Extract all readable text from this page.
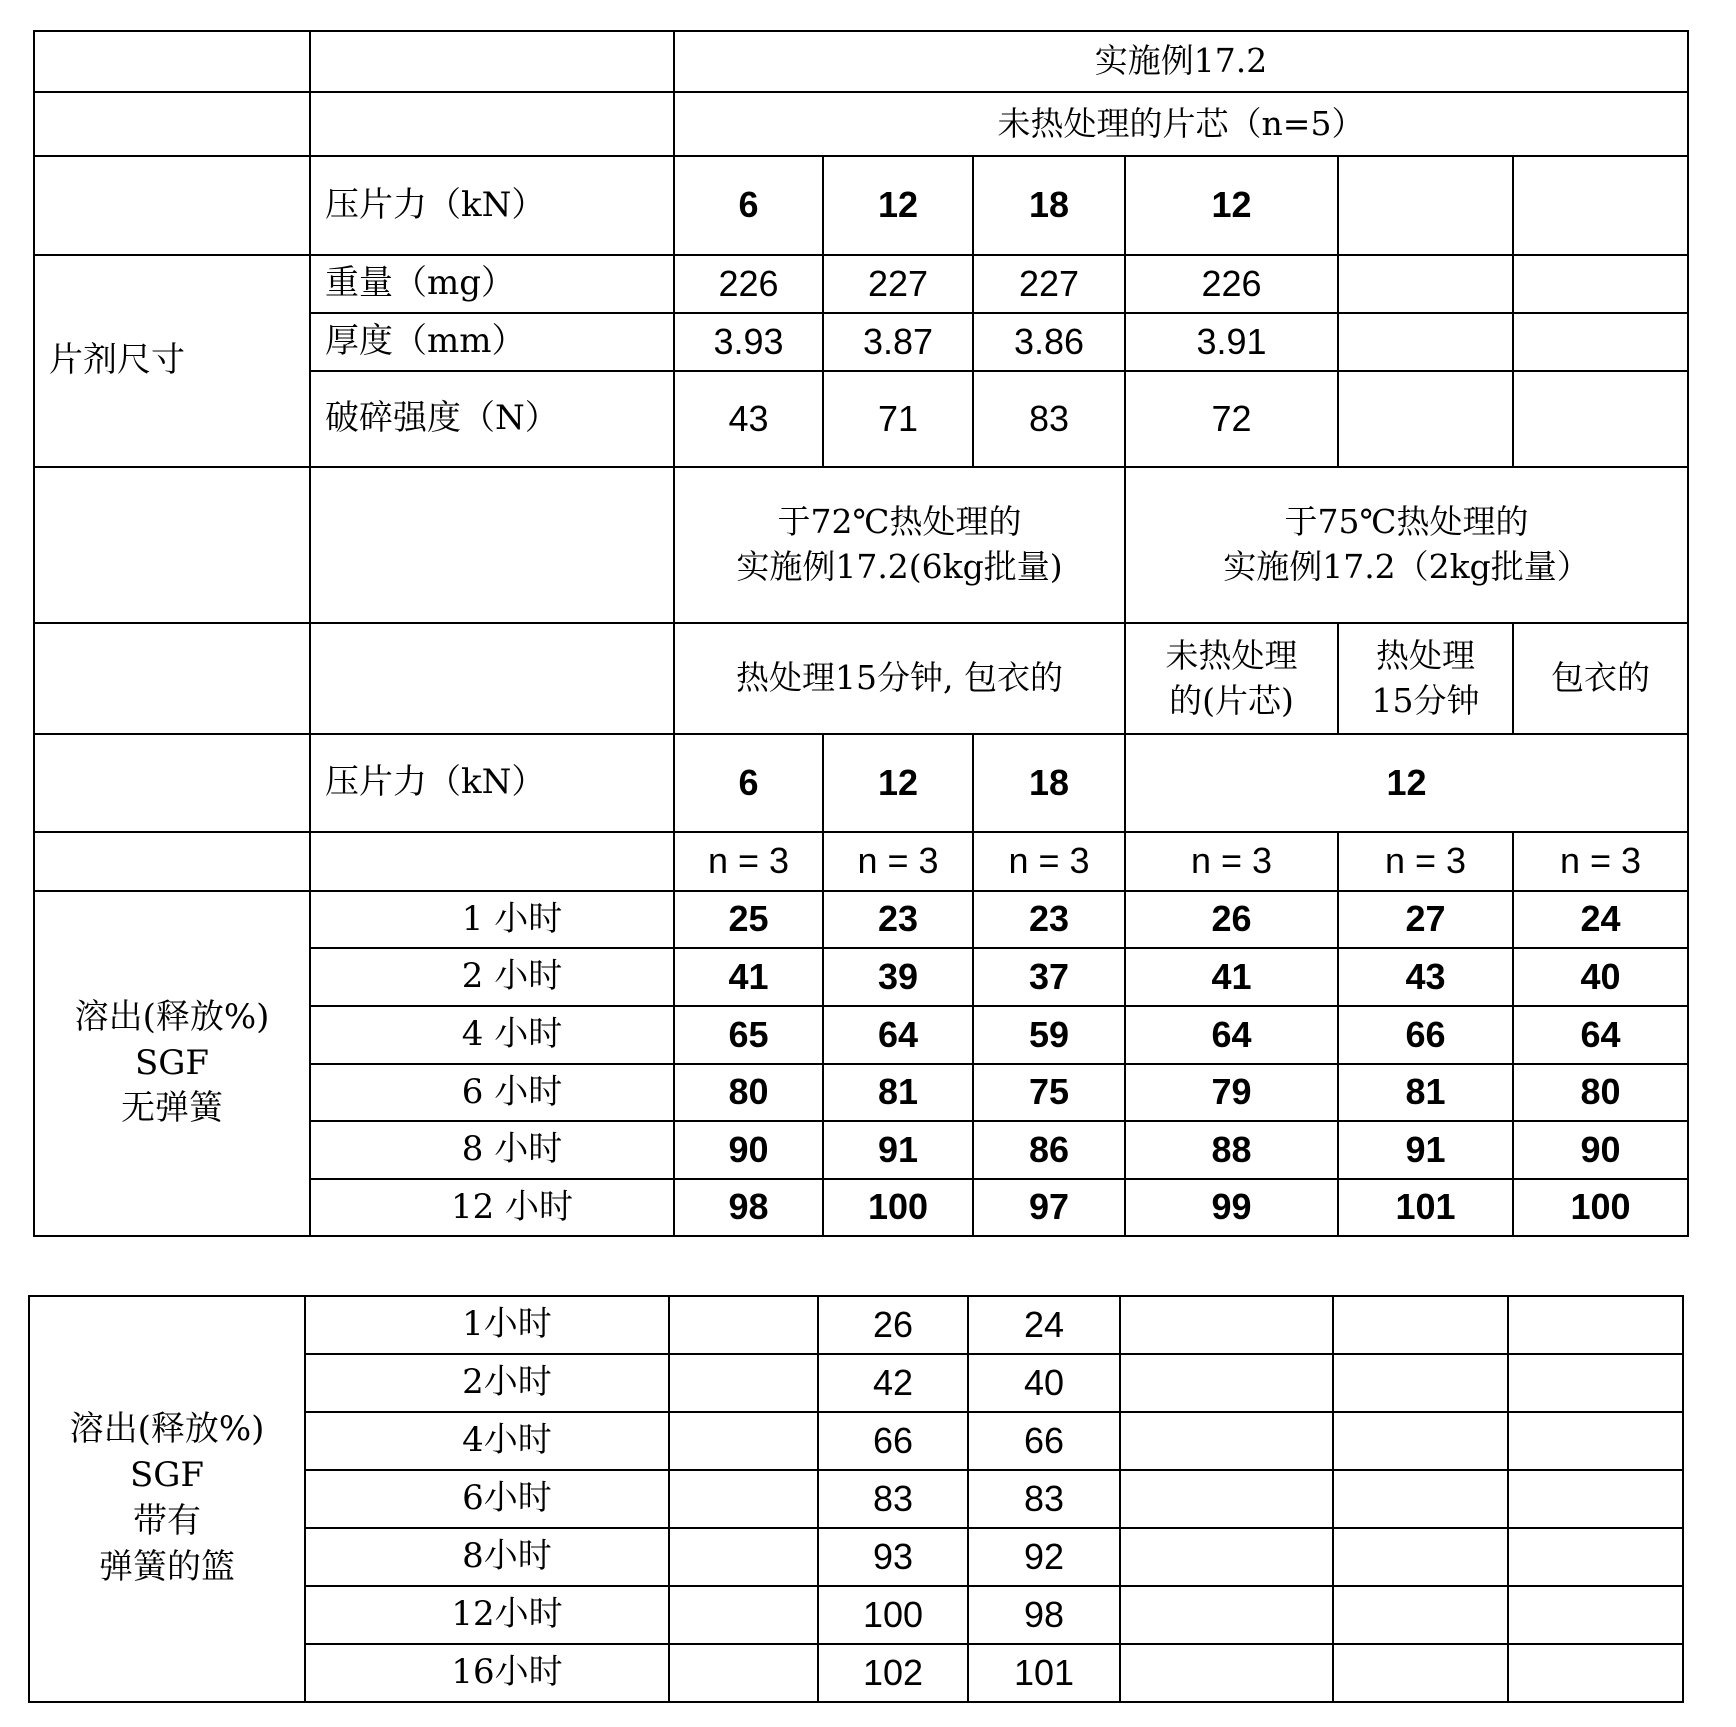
		实施例17.2
		未热处理的片芯（n=5）
	压片力（kN）	6	12	18	12		
片剂尺寸	重量（mg）	226	227	227	226		
厚度（mm）	3.93	3.87	3.86	3.91		
破碎强度（N）	43	71	83	72		

于72℃热处理的
实施例17.2(6kg批量)

于75℃热处理的
实施例17.2（2kg批量）

		热处理15分钟, 包衣的	
未热处理
的(片芯)

热处理
15分钟
	包衣的
	压片力（kN）	6	12	18	12
		n = 3	n = 3	n = 3	n = 3	n = 3	n = 3

溶出(释放%)
SGF
无弹簧
	1 小时	25	23	23	26	27	24
2 小时	41	39	37	41	43	40
4 小时	65	64	59	64	66	64
6 小时	80	81	75	79	81	80
8 小时	90	91	86	88	91	90
12 小时	98	100	97	99	101	100
溶出(释放%)
SGF
带有
弹簧的篮
	1小时		26	24			
2小时		42	40			
4小时		66	66			
6小时		83	83			
8小时		93	92			
12小时		100	98			
16小时		102	101			
